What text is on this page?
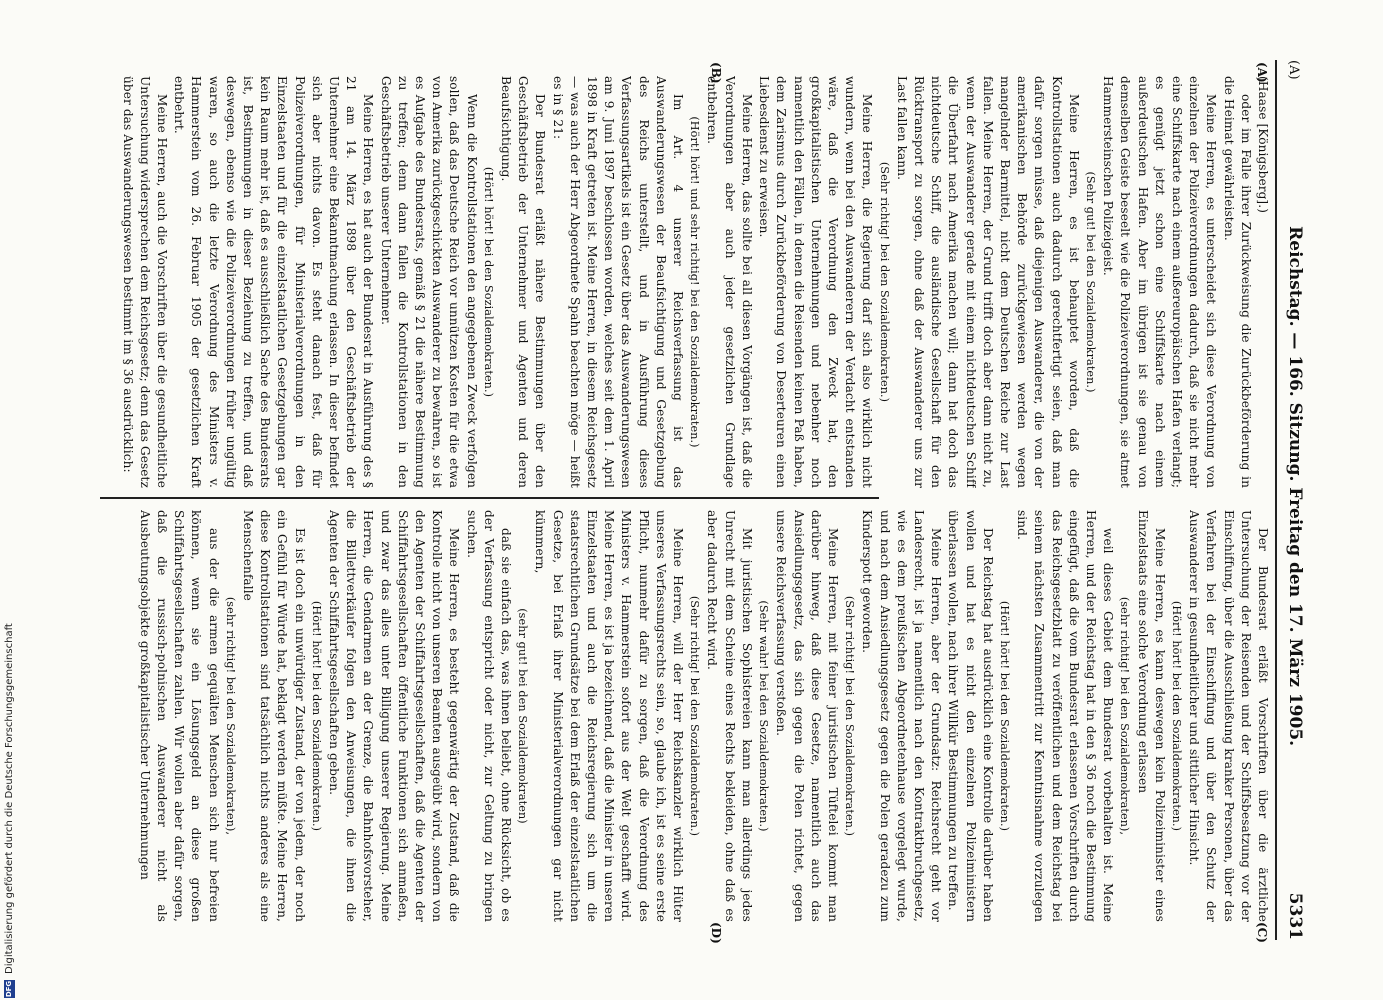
(A)
Reichstag. — 166. Sitzung. Freitag den 17. März 1905.
5331
(A)
(B)
(C)
(D)

(Haase [Königsberg].)

oder im Falle ihrer Zurückweisung die Zurückbeförderung in die Heimat gewährleisten.

Meine Herren, es unterscheidet sich diese Verordnung von einzelnen der Polizeiverordnungen dadurch, daß sie nicht mehr eine Schiffskarte nach einem außereuropäischen Hafen verlangt; es genügt jetzt schon eine Schiffskarte nach einem außerdeutschen Hafen. Aber im übrigen ist sie genau von demselben Geiste beseelt wie die Polizeiverordnungen, sie atmet Hammersteinschen Polizeigeist.

(Sehr gut! bei den Sozialdemokraten.)

Meine Herren, es ist behauptet worden, daß die Kontrollstationen auch dadurch gerechtfertigt seien, daß man dafür sorgen müsse, daß diejenigen Auswanderer, die von der amerikanischen Behörde zurückgewiesen werden wegen mangelnder Barmittel, nicht dem Deutschen Reiche zur Last fallen. Meine Herren, der Grund trifft doch aber dann nicht zu, wenn der Auswanderer gerade mit einem nichtdeutschen Schiff die Überfahrt nach Amerika machen will; dann hat doch das nichtdeutsche Schiff, die ausländische Gesellschaft für den Rücktransport zu sorgen, ohne daß der Auswanderer uns zur Last fallen kann.

(Sehr richtig! bei den Sozialdemokraten.)

Meine Herren, die Regierung darf sich also wirklich nicht wundern, wenn bei den Auswanderern der Verdacht entstanden wäre, daß die Verordnung den Zweck hat, den großkapitalistischen Unternehmungen und nebenher noch namentlich den Fällen, in denen die Reisenden keinen Paß haben, dem Zarismus durch Zurückbeförderung von Deserteuren einen Liebesdienst zu erweisen.

Meine Herren, das sollte bei all diesen Vorgängen ist, daß die Verordnungen aber auch jeder gesetzlichen Grundlage entbehren.

(Hört! hört! und sehr richtig! bei den Sozialdemokraten.)

Im Art. 4 unserer Reichsverfassung ist das Auswanderungswesen der Beaufsichtigung und Gesetzgebung des Reichs unterstellt, und in Ausführung dieses Verfassungsartikels ist ein Gesetz über das Auswanderungswesen am 9. Juni 1897 beschlossen worden, welches seit dem 1. April 1898 in Kraft getreten ist. Meine Herren, in diesem Reichsgesetz — was auch der Herr Abgeordnete Spahn beachten möge — heißt es in § 21:

Der Bundesrat erläßt nähere Bestimmungen über den Geschäftsbetrieb der Unternehmer und Agenten und deren Beaufsichtigung.

(Hört! hört! bei den Sozialdemokraten.)

Wenn die Kontrollstationen den angegebenen Zweck verfolgen sollen, daß das Deutsche Reich vor unnützen Kosten für die etwa von Amerika zurückgeschickten Auswanderer zu bewahren, so ist es Aufgabe des Bundesrats, gemäß § 21 die nähere Bestimmung zu treffen; denn dann fallen die Kontrollstationen in den Geschäftsbetrieb unserer Unternehmer.

Meine Herren, es hat auch der Bundesrat in Ausführung des § 21 am 14. März 1898 über den Geschäftsbetrieb der Unternehmer eine Bekanntmachung erlassen. In dieser befindet sich aber nichts davon. Es steht danach fest, daß für Polizeiverordnungen, für Ministerialverordnungen in den Einzelstaaten und für die einzelstaatlichen Gesetzgebungen gar kein Raum mehr ist, daß es ausschließlich Sache des Bundesrats ist, Bestimmungen in dieser Beziehung zu treffen, und daß deswegen, ebenso wie die Polizeiverordnungen früher ungültig waren, so auch die letzte Verordnung des Ministers v. Hammerstein vom 26. Februar 1905 der gesetzlichen Kraft entbehrt.

Meine Herren, auch die Vorschriften über die gesundheitliche Untersuchung widersprechen dem Reichsgesetz; denn das Gesetz über das Auswanderungswesen bestimmt im § 36 ausdrücklich:

Der Bundesrat erläßt Vorschriften über die ärztliche Untersuchung der Reisenden und der Schiffsbesatzung vor der Einschiffung, über die Ausschließung kranker Personen, über das Verfahren bei der Einschiffung und über den Schutz der Auswanderer in gesundheitlicher und sittlicher Hinsicht.

(Hört! hört! bei den Sozialdemokraten.)

Meine Herren, es kann deswegen kein Polizeiminister eines Einzelstaats eine solche Verordnung erlassen

(sehr richtig! bei den Sozialdemokraten),

weil dieses Gebiet dem Bundesrat vorbehalten ist. Meine Herren, und der Reichstag hat in den § 36 noch die Bestimmung eingefügt, daß die vom Bundesrat erlassenen Vorschriften durch das Reichsgesetzblatt zu veröffentlichen und dem Reichstag bei seinem nächsten Zusammentritt zur Kenntnisnahme vorzulegen sind.

(Hört! hört! bei den Sozialdemokraten.)

Der Reichstag hat ausdrücklich eine Kontrolle darüber haben wollen und hat es nicht den einzelnen Polizeiministern überlassen wollen, nach ihrer Willkür Bestimmungen zu treffen.

Meine Herren, aber der Grundsatz: Reichsrecht geht vor Landesrecht, ist ja namentlich nach den Kontraktbruchgesetz, wie es dem preußischen Abgeordnetenhause vorgelegt wurde, und nach dem Ansiedlungsgesetz gegen die Polen geradezu zum Kinderspott geworden.

(Sehr richtig! bei den Sozialdemokraten.)

Meine Herren, mit feiner juristischen Tüftelei kommt man darüber hinweg, daß diese Gesetze, namentlich auch das Ansiedlungsgesetz, das sich gegen die Polen richtet, gegen unsere Reichsverfassung verstoßen.

(Sehr wahr! bei den Sozialdemokraten.)

Mit juristischen Sophistereien kann man allerdings jedes Unrecht mit dem Scheine eines Rechts bekleiden, ohne daß es aber dadurch Recht wird.

(Sehr richtig! bei den Sozialdemokraten.)

Meine Herren, will der Herr Reichskanzler wirklich Hüter unseres Verfassungsrechts sein, so, glaube ich, ist es seine erste Pflicht, nunmehr dafür zu sorgen, daß die Verordnung des Ministers v. Hammerstein sofort aus der Welt geschafft wird. Meine Herren, es ist ja bezeichnend, daß die Minister in unseren Einzelstaaten und auch die Reichsregierung sich um die staatsrechtlichen Grundsätze bei dem Erlaß der einzelstaatlichen Gesetze, bei Erlaß ihrer Ministerialverordnungen gar nicht kümmern,

(sehr gut! bei den Sozialdemokraten)

daß sie einfach das, was ihnen beliebt, ohne Rücksicht, ob es der Verfassung entspricht oder nicht, zur Geltung zu bringen suchen.

Meine Herren, es besteht gegenwärtig der Zustand, daß die Kontrolle nicht von unseren Beamten ausgeübt wird, sondern von den Agenten der Schiffahrtsgesellschaften, daß die Agenten der Schiffahrtsgesellschaften öffentliche Funktionen sich anmaßen, und zwar das alles unter Billigung unserer Regierung. Meine Herren, die Gendarmen an der Grenze, die Bahnhofsvorsteher, die Billettverkäufer folgen den Anweisungen, die ihnen die Agenten der Schiffahrtsgesellschaften geben.

(Hört! hört! bei den Sozialdemokraten.)

Es ist doch ein unwürdiger Zustand, der von jedem, der noch ein Gefühl für Würde hat, beklagt werden müßte. Meine Herren, diese Kontrollstationen sind tatsächlich nichts anderes als eine Menschenfalle

(sehr richtig! bei den Sozialdemokraten),

aus der die armen gequälten Menschen sich nur befreien können, wenn sie ein Lösungsgeld an diese großen Schiffahrtsgesellschaften zahlen. Wir wollen aber dafür sorgen, daß die russisch-polnischen Auswanderer nicht als Ausbeutungsobjekte großkapitalistischer Unternehmungen

DFG
Digitalisierung gefördert durch die Deutsche Forschungsgemeinschaft
